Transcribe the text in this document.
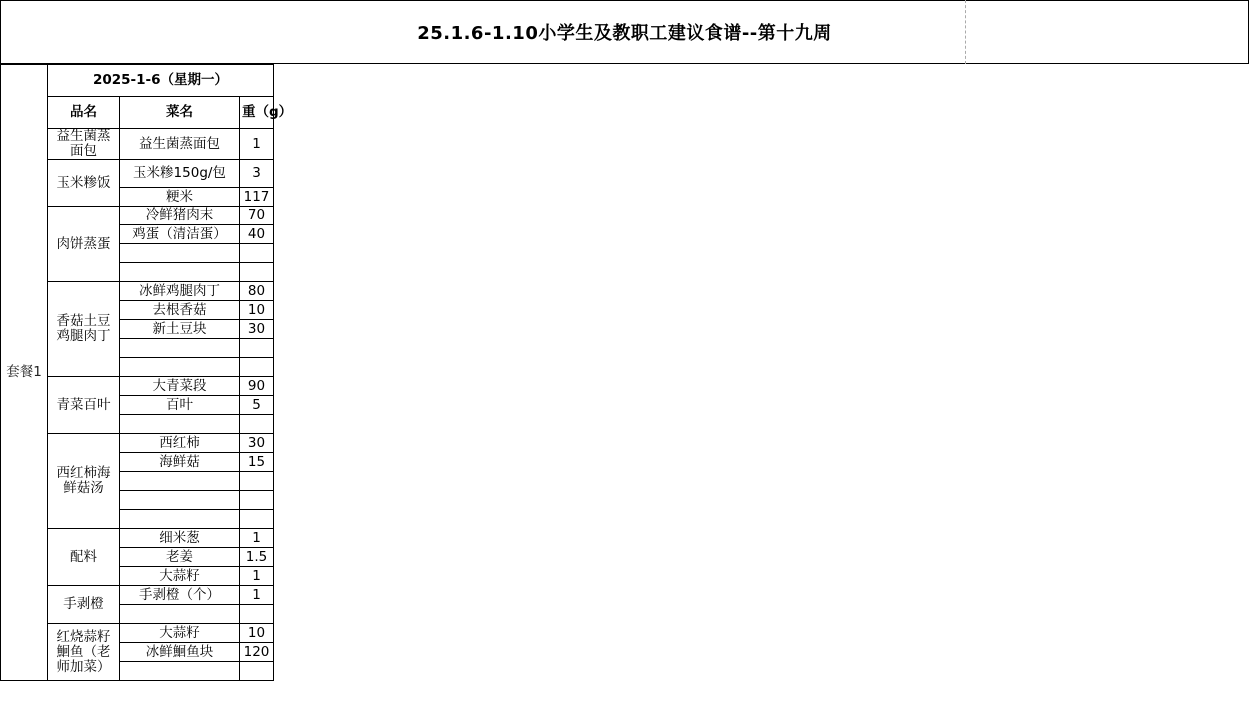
25.1.6-1.10小学生及教职工建议食谱--第十九周
套餐1	2025-1-6（星期一）		
	品名	菜名	重（g）
	益生菌蒸面包	益生菌蒸面包	1
	玉米糁饭	玉米糁150g/包	3
		粳米	117
	肉饼蒸蛋	冷鲜猪肉末	70
		鸡蛋（清洁蛋）	40

	香菇土豆鸡腿肉丁	冰鲜鸡腿肉丁	80
		去根香菇	10
		新土豆块	30

	青菜百叶	大青菜段	90
		百叶	5

	西红柿海鲜菇汤	西红柿	30
		海鲜菇	15

	配料	细米葱	1
		老姜	1.5
		大蒜籽	1
	手剥橙	手剥橙（个）	1

	红烧蒜籽鮰鱼（老师加菜）	大蒜籽	10
		冰鲜鮰鱼块	120
